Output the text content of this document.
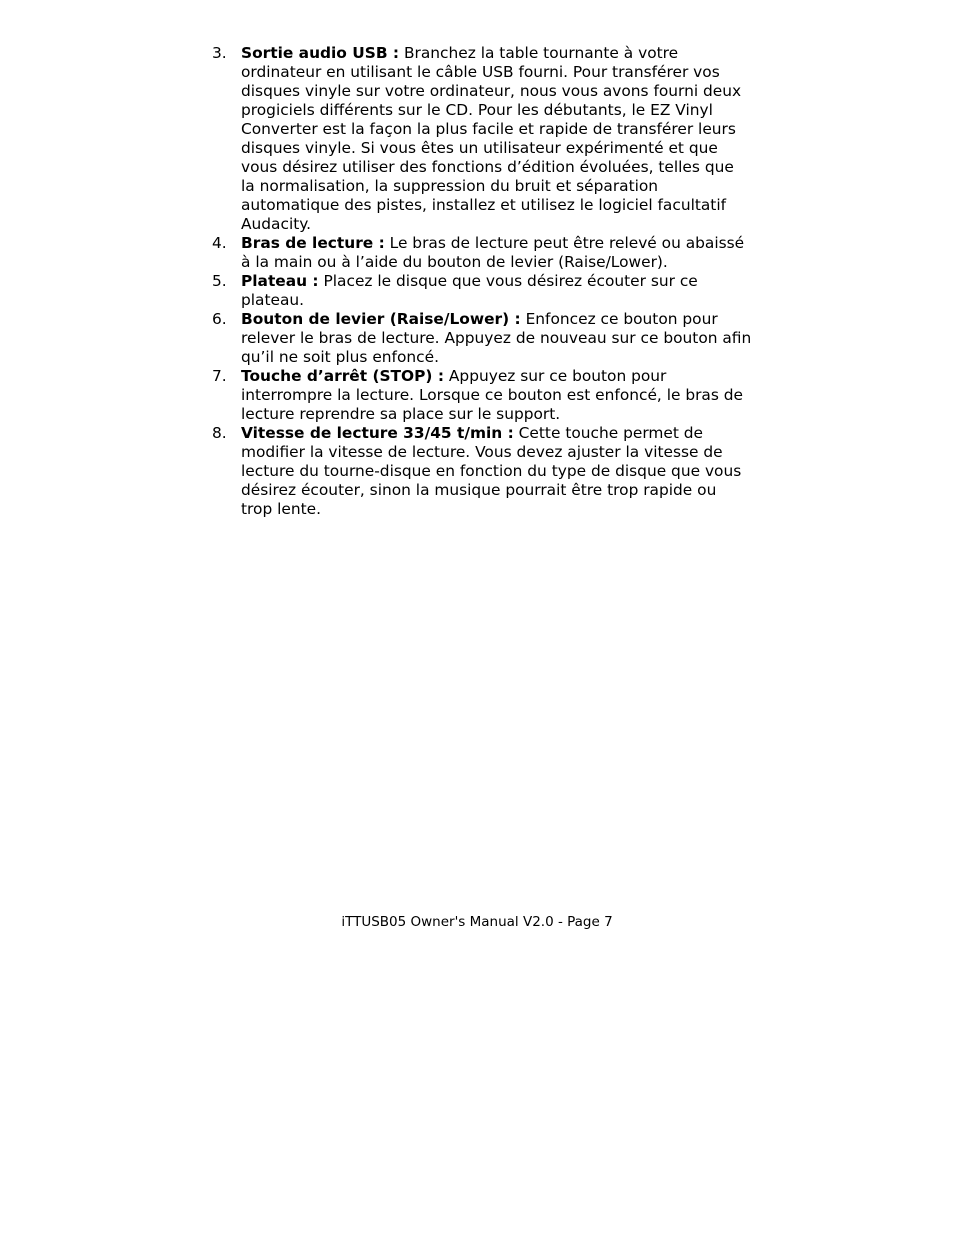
3. Sortie audio USB : Branchez la table tournante à votre ordinateur en utilisant le câble USB fourni. Pour transférer vos disques vinyle sur votre ordinateur, nous vous avons fourni deux progiciels différents sur le CD. Pour les débutants, le EZ Vinyl Converter est la façon la plus facile et rapide de transférer leurs disques vinyle. Si vous êtes un utilisateur expérimenté et que vous désirez utiliser des fonctions d’édition évoluées, telles que la normalisation, la suppression du bruit et séparation automatique des pistes, installez et utilisez le logiciel facultatif Audacity.
4. Bras de lecture : Le bras de lecture peut être relevé ou abaissé à la main ou à l’aide du bouton de levier (Raise/Lower).
5. Plateau : Placez le disque que vous désirez écouter sur ce plateau.
6. Bouton de levier (Raise/Lower) : Enfoncez ce bouton pour relever le bras de lecture. Appuyez de nouveau sur ce bouton afin qu’il ne soit plus enfoncé.
7. Touche d’arrêt (STOP) : Appuyez sur ce bouton pour interrompre la lecture. Lorsque ce bouton est enfoncé, le bras de lecture reprendre sa place sur le support.
8. Vitesse de lecture 33/45 t/min : Cette touche permet de modifier la vitesse de lecture. Vous devez ajuster la vitesse de lecture du tourne-disque en fonction du type de disque que vous désirez écouter, sinon la musique pourrait être trop rapide ou trop lente.
iTTUSB05 Owner's Manual V2.0 - Page 7
